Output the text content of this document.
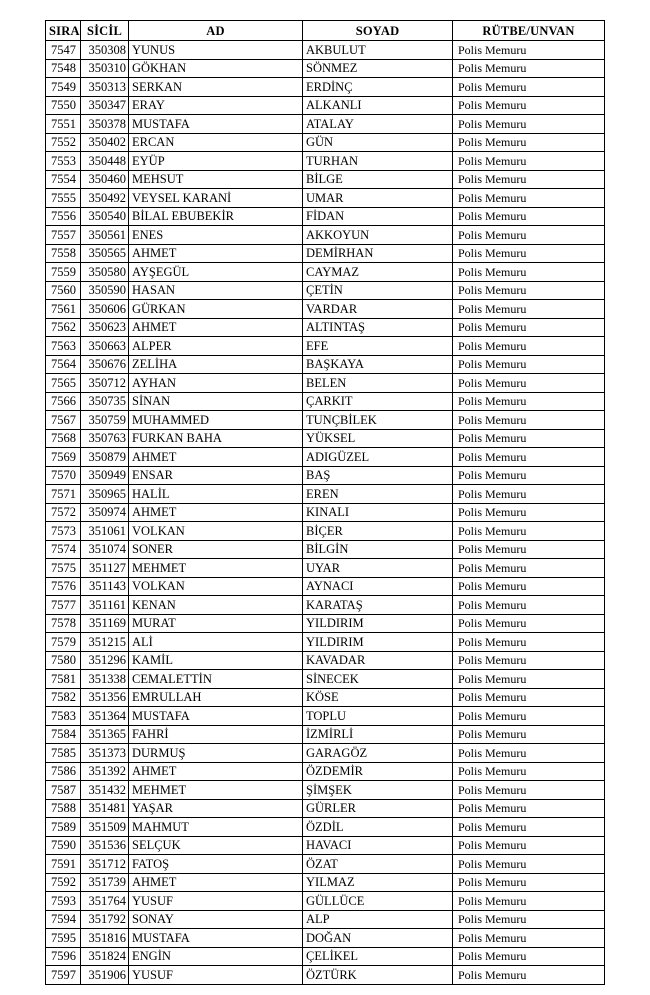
SIRA	SİCİL	AD	SOYAD	RÜTBE/UNVAN
7547	350308	YUNUS	AKBULUT	Polis Memuru
7548	350310	GÖKHAN	SÖNMEZ	Polis Memuru
7549	350313	SERKAN	ERDİNÇ	Polis Memuru
7550	350347	ERAY	ALKANLI	Polis Memuru
7551	350378	MUSTAFA	ATALAY	Polis Memuru
7552	350402	ERCAN	GÜN	Polis Memuru
7553	350448	EYÜP	TURHAN	Polis Memuru
7554	350460	MEHSUT	BİLGE	Polis Memuru
7555	350492	VEYSEL KARANİ	UMAR	Polis Memuru
7556	350540	BİLAL EBUBEKİR	FİDAN	Polis Memuru
7557	350561	ENES	AKKOYUN	Polis Memuru
7558	350565	AHMET	DEMİRHAN	Polis Memuru
7559	350580	AYŞEGÜL	CAYMAZ	Polis Memuru
7560	350590	HASAN	ÇETİN	Polis Memuru
7561	350606	GÜRKAN	VARDAR	Polis Memuru
7562	350623	AHMET	ALTINTAŞ	Polis Memuru
7563	350663	ALPER	EFE	Polis Memuru
7564	350676	ZELİHA	BAŞKAYA	Polis Memuru
7565	350712	AYHAN	BELEN	Polis Memuru
7566	350735	SİNAN	ÇARKIT	Polis Memuru
7567	350759	MUHAMMED	TUNÇBİLEK	Polis Memuru
7568	350763	FURKAN BAHA	YÜKSEL	Polis Memuru
7569	350879	AHMET	ADIGÜZEL	Polis Memuru
7570	350949	ENSAR	BAŞ	Polis Memuru
7571	350965	HALİL	EREN	Polis Memuru
7572	350974	AHMET	KINALI	Polis Memuru
7573	351061	VOLKAN	BİÇER	Polis Memuru
7574	351074	SONER	BİLGİN	Polis Memuru
7575	351127	MEHMET	UYAR	Polis Memuru
7576	351143	VOLKAN	AYNACI	Polis Memuru
7577	351161	KENAN	KARATAŞ	Polis Memuru
7578	351169	MURAT	YILDIRIM	Polis Memuru
7579	351215	ALİ	YILDIRIM	Polis Memuru
7580	351296	KAMİL	KAVADAR	Polis Memuru
7581	351338	CEMALETTİN	SİNECEK	Polis Memuru
7582	351356	EMRULLAH	KÖSE	Polis Memuru
7583	351364	MUSTAFA	TOPLU	Polis Memuru
7584	351365	FAHRİ	İZMİRLİ	Polis Memuru
7585	351373	DURMUŞ	GARAGÖZ	Polis Memuru
7586	351392	AHMET	ÖZDEMİR	Polis Memuru
7587	351432	MEHMET	ŞİMŞEK	Polis Memuru
7588	351481	YAŞAR	GÜRLER	Polis Memuru
7589	351509	MAHMUT	ÖZDİL	Polis Memuru
7590	351536	SELÇUK	HAVACI	Polis Memuru
7591	351712	FATOŞ	ÖZAT	Polis Memuru
7592	351739	AHMET	YILMAZ	Polis Memuru
7593	351764	YUSUF	GÜLLÜCE	Polis Memuru
7594	351792	SONAY	ALP	Polis Memuru
7595	351816	MUSTAFA	DOĞAN	Polis Memuru
7596	351824	ENGİN	ÇELİKEL	Polis Memuru
7597	351906	YUSUF	ÖZTÜRK	Polis Memuru
